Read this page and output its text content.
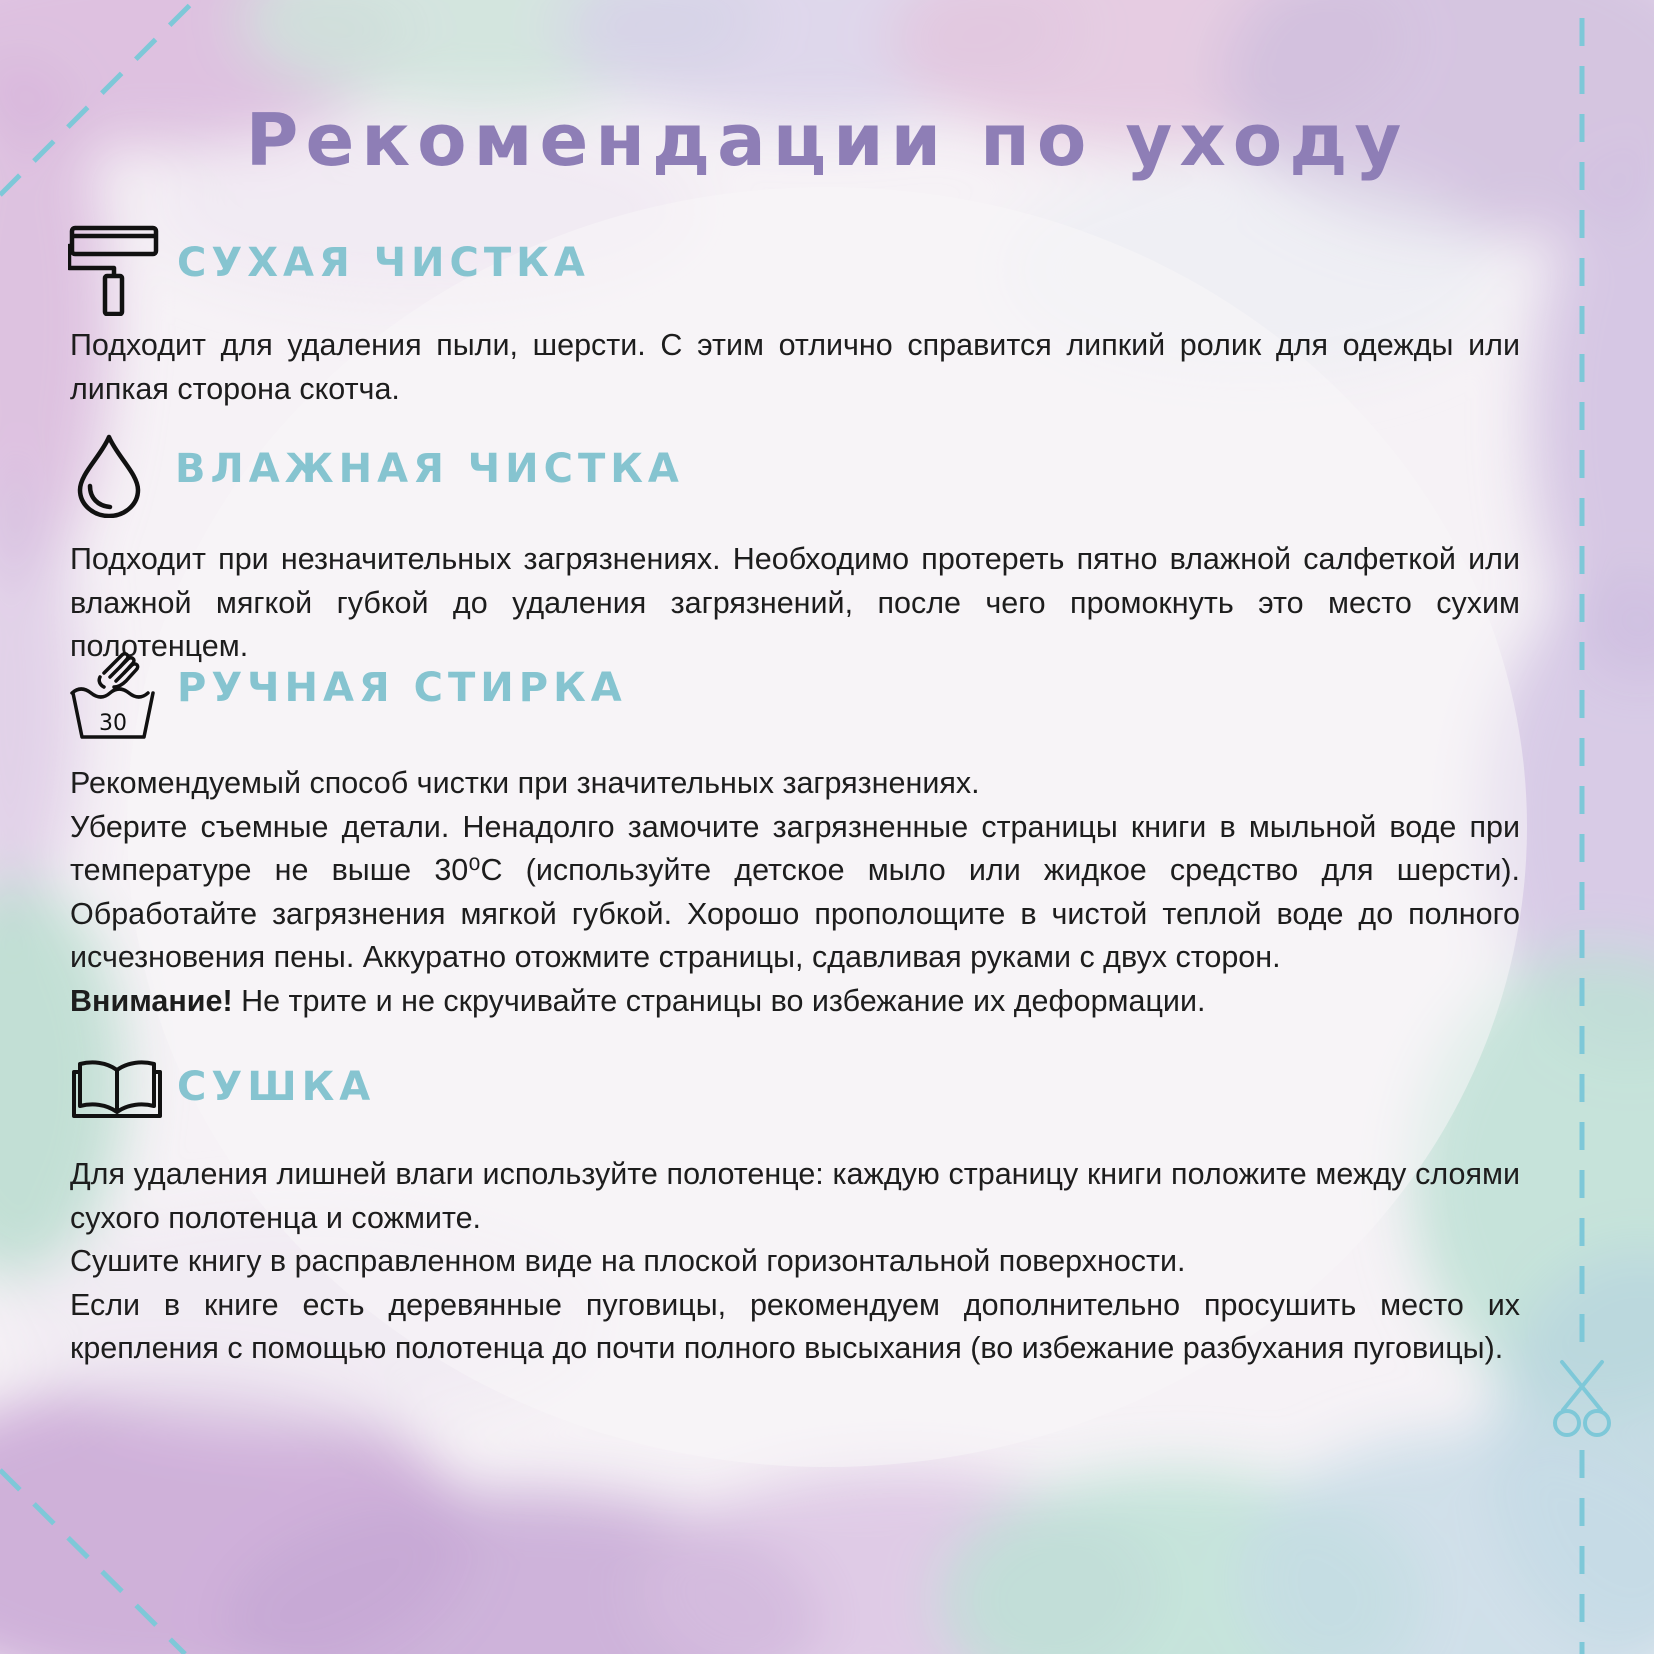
Рекомендации по уходу
СУХАЯ ЧИСТКА

Подходит для удаления пыли, шерсти. С этим отлично справится липкий ролик для одежды или липкая сторона скотча.

ВЛАЖНАЯ ЧИСТКА

Подходит при незначительных загрязнениях. Необходимо протереть пятно влажной салфеткой или влажной мягкой губкой до удаления загрязнений, после чего промокнуть это место сухим полотенцем.

30
РУЧНАЯ СТИРКА

Рекомендуемый способ чистки при значительных загрязнениях.

Уберите съемные детали. Ненадолго замочите загрязненные страницы книги в мыльной воде при температуре не выше 30⁰С (используйте детское мыло или жидкое средство для шерсти). Обработайте загрязнения мягкой губкой. Хорошо прополощите в чистой теплой воде до полного исчезновения пены. Аккуратно отожмите страницы, сдавливая руками с двух сторон.

Внимание! Не трите и не скручивайте страницы во избежание их деформации.

СУШКА

Для удаления лишней влаги используйте полотенце: каждую страницу книги положите между слоями сухого полотенца и сожмите.

Сушите книгу в расправленном виде на плоской горизонтальной поверхности.

Если в книге есть деревянные пуговицы, рекомендуем дополнительно просушить место их крепления с помощью полотенца до почти полного высыхания (во избежание разбухания пуговицы).
